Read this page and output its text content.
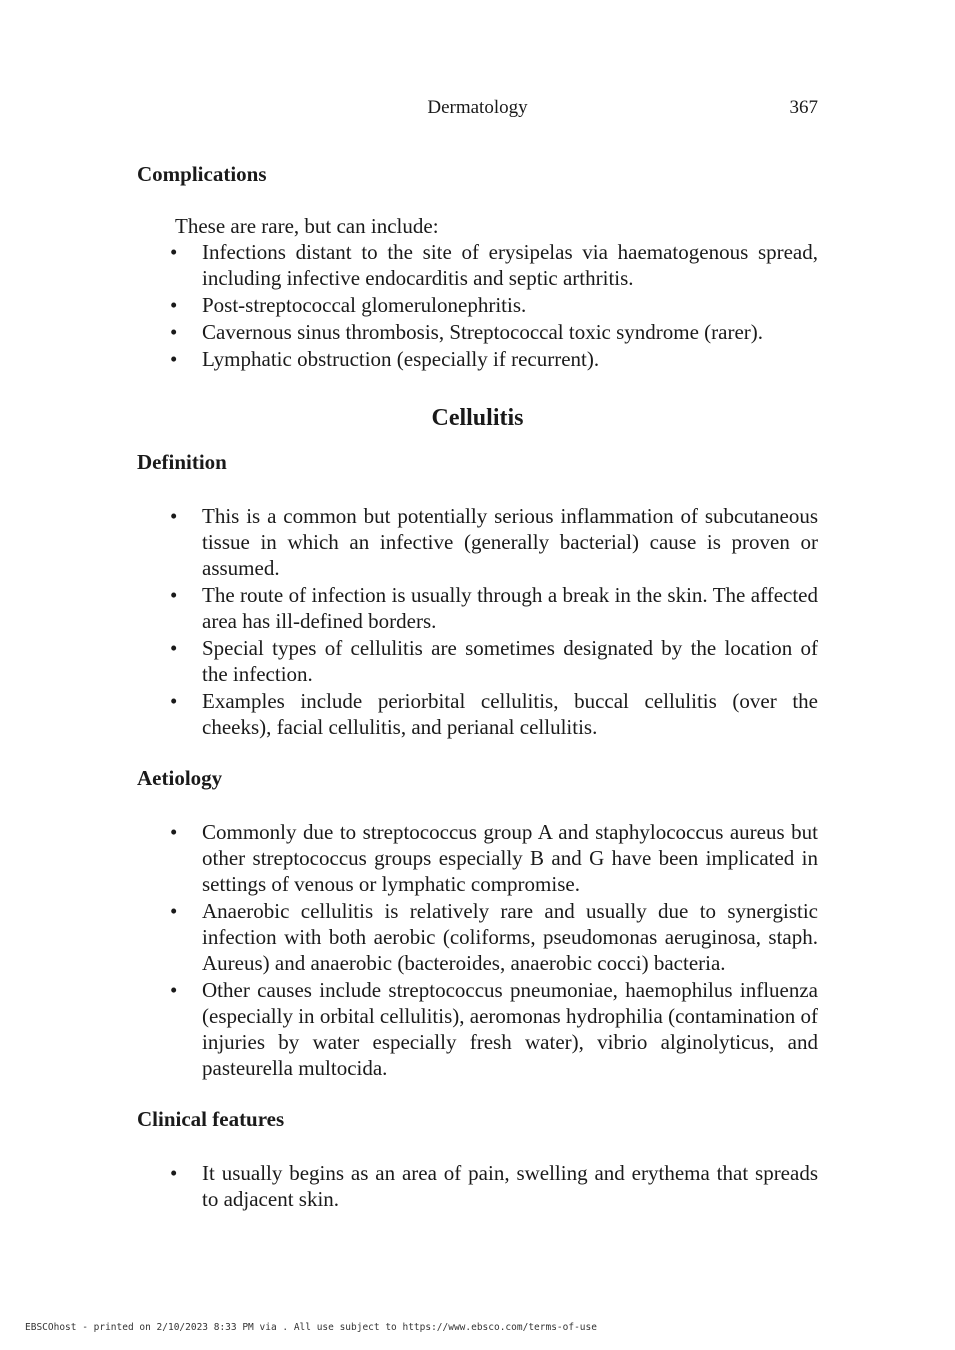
Dermatology	367
Complications
These are rare, but can include:
• Infections distant to the site of erysipelas via haematogenous spread, including infective endocarditis and septic arthritis.
• Post-streptococcal glomerulonephritis.
• Cavernous sinus thrombosis, Streptococcal toxic syndrome (rarer).
• Lymphatic obstruction (especially if recurrent).
Cellulitis
Definition
• This is a common but potentially serious inflammation of subcutaneous tissue in which an infective (generally bacterial) cause is proven or assumed.
• The route of infection is usually through a break in the skin. The affected area has ill-defined borders.
• Special types of cellulitis are sometimes designated by the location of the infection.
• Examples include periorbital cellulitis, buccal cellulitis (over the cheeks), facial cellulitis, and perianal cellulitis.
Aetiology
• Commonly due to streptococcus group A and staphylococcus aureus but other streptococcus groups especially B and G have been implicated in settings of venous or lymphatic compromise.
• Anaerobic cellulitis is relatively rare and usually due to synergistic infection with both aerobic (coliforms, pseudomonas aeruginosa, staph. Aureus) and anaerobic (bacteroides, anaerobic cocci) bacteria.
• Other causes include streptococcus pneumoniae, haemophilus influenza (especially in orbital cellulitis), aeromonas hydrophilia (contamination of injuries by water especially fresh water), vibrio alginolyticus, and pasteurella multocida.
Clinical features
• It usually begins as an area of pain, swelling and erythema that spreads to adjacent skin.
EBSCOhost - printed on 2/10/2023 8:33 PM via . All use subject to https://www.ebsco.com/terms-of-use
